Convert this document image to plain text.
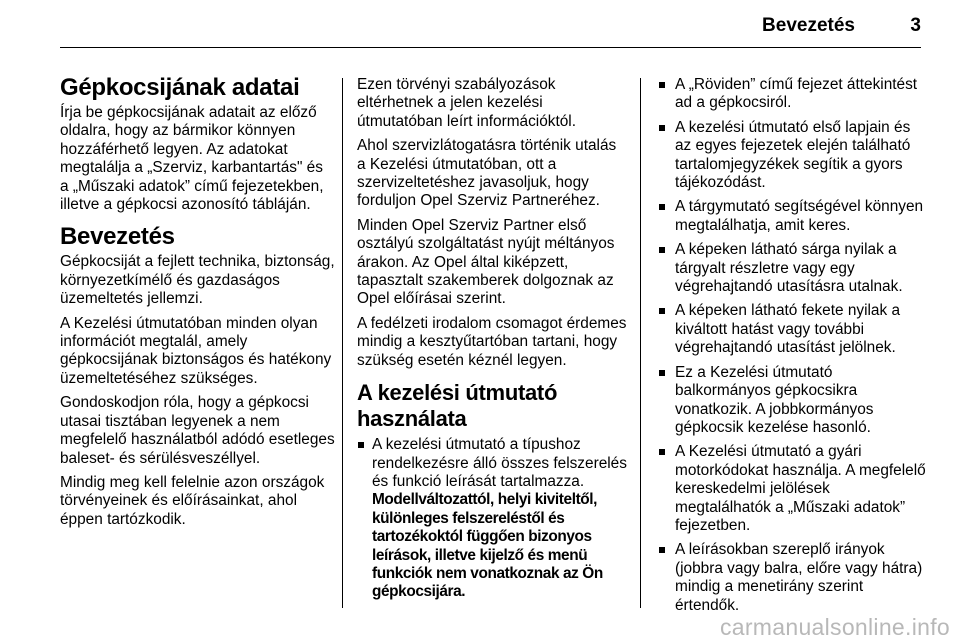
Bevezetés	3
Gépkocsijának adatai

Írja be gépkocsijának adatait az előző oldalra, hogy az bármikor könnyen hozzáférhető legyen. Az adatokat megtalálja a „Szerviz, karbantartás" és a „Műszaki adatok” című fejezetekben, illetve a gépkocsi azonosító tábláján.

Bevezetés

Gépkocsiját a fejlett technika, biztonság, környezetkímélő és gazdaságos üzemeltetés jellemzi.

A Kezelési útmutatóban minden olyan információt megtalál, amely gépkocsijának biztonságos és hatékony üzemeltetéséhez szükséges.

Gondoskodjon róla, hogy a gépkocsi utasai tisztában legyenek a nem megfelelő használatból adódó esetleges baleset- és sérülésveszéllyel.

Mindig meg kell felelnie azon országok törvényeinek és előírásainkat, ahol éppen tartózkodik.

Ezen törvényi szabályozások eltérhetnek a jelen kezelési útmutatóban leírt információktól.

Ahol szervizlátogatásra történik utalás a Kezelési útmutatóban, ott a szervizeltetéshez javasoljuk, hogy forduljon Opel Szerviz Partneréhez.

Minden Opel Szerviz Partner első osztályú szolgáltatást nyújt méltányos árakon. Az Opel által kiképzett, tapasztalt szakemberek dolgoznak az Opel előírásai szerint.

A fedélzeti irodalom csomagot érdemes mindig a kesztyűtartóban tartani, hogy szükség esetén kéznél legyen.

A kezelési útmutató
használata
A kezelési útmutató a típushoz rendelkezésre álló összes felszerelés és funkció leírását tartalmazza. Modellváltozattól, helyi kiviteltől, különleges felszereléstől és tartozékoktól függően bizonyos leírások, illetve kijelző és menü funkciók nem vonatkoznak az Ön gépkocsijára.
A „Röviden” című fejezet áttekintést ad a gépkocsiról.
A kezelési útmutató első lapjain és az egyes fejezetek elején található tartalomjegyzékek segítik a gyors tájékozódást.
A tárgymutató segítségével könnyen megtalálhatja, amit keres.
A képeken látható sárga nyilak a tárgyalt részletre vagy egy végrehajtandó utasításra utalnak.
A képeken látható fekete nyilak a kiváltott hatást vagy további végrehajtandó utasítást jelölnek.
Ez a Kezelési útmutató balkormányos gépkocsikra vonatkozik. A jobbkormányos gépkocsik kezelése hasonló.
A Kezelési útmutató a gyári motorkódokat használja. A megfelelő kereskedelmi jelölések megtalálhatók a „Műszaki adatok” fejezetben.
A leírásokban szereplő irányok (jobbra vagy balra, előre vagy hátra) mindig a menetirány szerint értendők.
carmanualsonline.info
